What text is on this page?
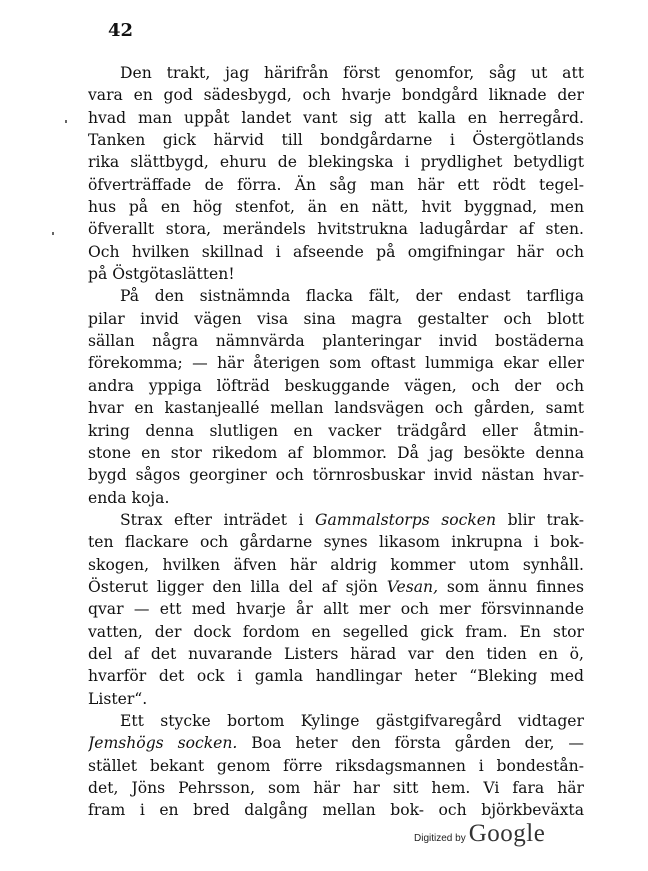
42
Den trakt, jag härifrån först genomfor, såg ut att
vara en god sädesbygd, och hvarje bondgård liknade der
hvad man uppåt landet vant sig att kalla en herregård.
Tanken gick härvid till bondgårdarne i Östergötlands
rika slättbygd, ehuru de blekingska i prydlighet betydligt
öfverträffade de förra. Än såg man här ett rödt tegel-
hus på en hög stenfot, än en nätt, hvit byggnad, men
öfverallt stora, merändels hvitstrukna ladugårdar af sten.
Och hvilken skillnad i afseende på omgifningar här och
på Östgötaslätten!
På den sistnämnda flacka fält, der endast tarfliga
pilar invid vägen visa sina magra gestalter och blott
sällan några nämnvärda planteringar invid bostäderna
förekomma; — här återigen som oftast lummiga ekar eller
andra yppiga löfträd beskuggande vägen, och der och
hvar en kastanjeallé mellan landsvägen och gården, samt
kring denna slutligen en vacker trädgård eller åtmin-
stone en stor rikedom af blommor. Då jag besökte denna
bygd sågos georginer och törnrosbuskar invid nästan hvar-
enda koja.
Strax efter inträdet i Gammalstorps socken blir trak-
ten flackare och gårdarne synes likasom inkrupna i bok-
skogen, hvilken äfven här aldrig kommer utom synhåll.
Österut ligger den lilla del af sjön Vesan, som ännu finnes
qvar — ett med hvarje år allt mer och mer försvinnande
vatten, der dock fordom en segelled gick fram. En stor
del af det nuvarande Listers härad var den tiden en ö,
hvarför det ock i gamla handlingar heter “Bleking med
Lister“.
Ett stycke bortom Kylinge gästgifvaregård vidtager
Jemshögs socken. Boa heter den första gården der, —
stället bekant genom förre riksdagsmannen i bondestån-
det, Jöns Pehrsson, som här har sitt hem. Vi fara här
fram i en bred dalgång mellan bok- och björkbeväxta
Digitized by Google
